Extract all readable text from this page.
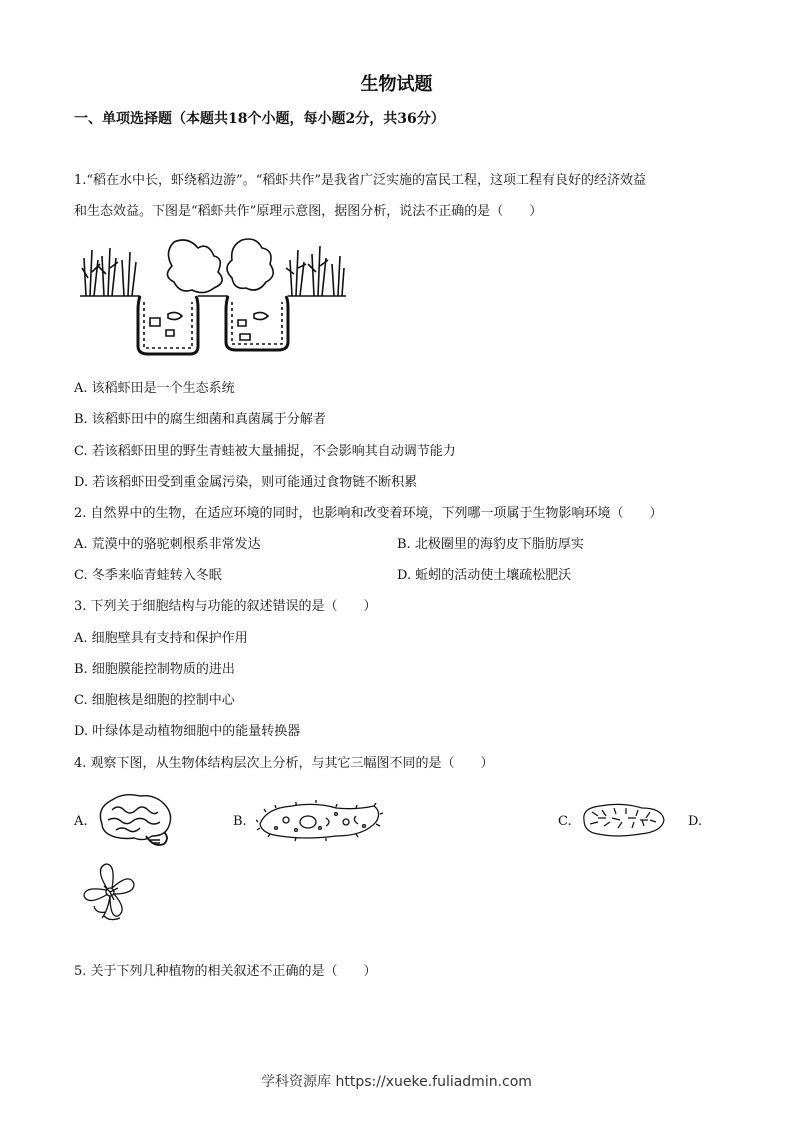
生物试题
一、单项选择题（本题共18个小题，每小题2分，共36分）
1.“稻在水中长，虾绕稻边游”。“稻虾共作”是我省广泛实施的富民工程，这项工程有良好的经济效益
和生态效益。下图是“稻虾共作”原理示意图，据图分析，说法不正确的是（　　）
A. 该稻虾田是一个生态系统
B. 该稻虾田中的腐生细菌和真菌属于分解者
C. 若该稻虾田里的野生青蛙被大量捕捉，不会影响其自动调节能力
D. 若该稻虾田受到重金属污染，则可能通过食物链不断积累
2. 自然界中的生物，在适应环境的同时，也影响和改变着环境，下列哪一项属于生物影响环境（　　）
A. 荒漠中的骆驼刺根系非常发达	B. 北极圈里的海豹皮下脂肪厚实
C. 冬季来临青蛙转入冬眠	D. 蚯蚓的活动使土壤疏松肥沃
3. 下列关于细胞结构与功能的叙述错误的是（　　）
A. 细胞壁具有支持和保护作用
B. 细胞膜能控制物质的进出
C. 细胞核是细胞的控制中心
D. 叶绿体是动植物细胞中的能量转换器
4. 观察下图，从生物体结构层次上分析，与其它三幅图不同的是（　　）
A.	B.	C.	D.
5. 关于下列几种植物的相关叙述不正确的是（　　）
学科资源库 https://xueke.fuliadmin.com
